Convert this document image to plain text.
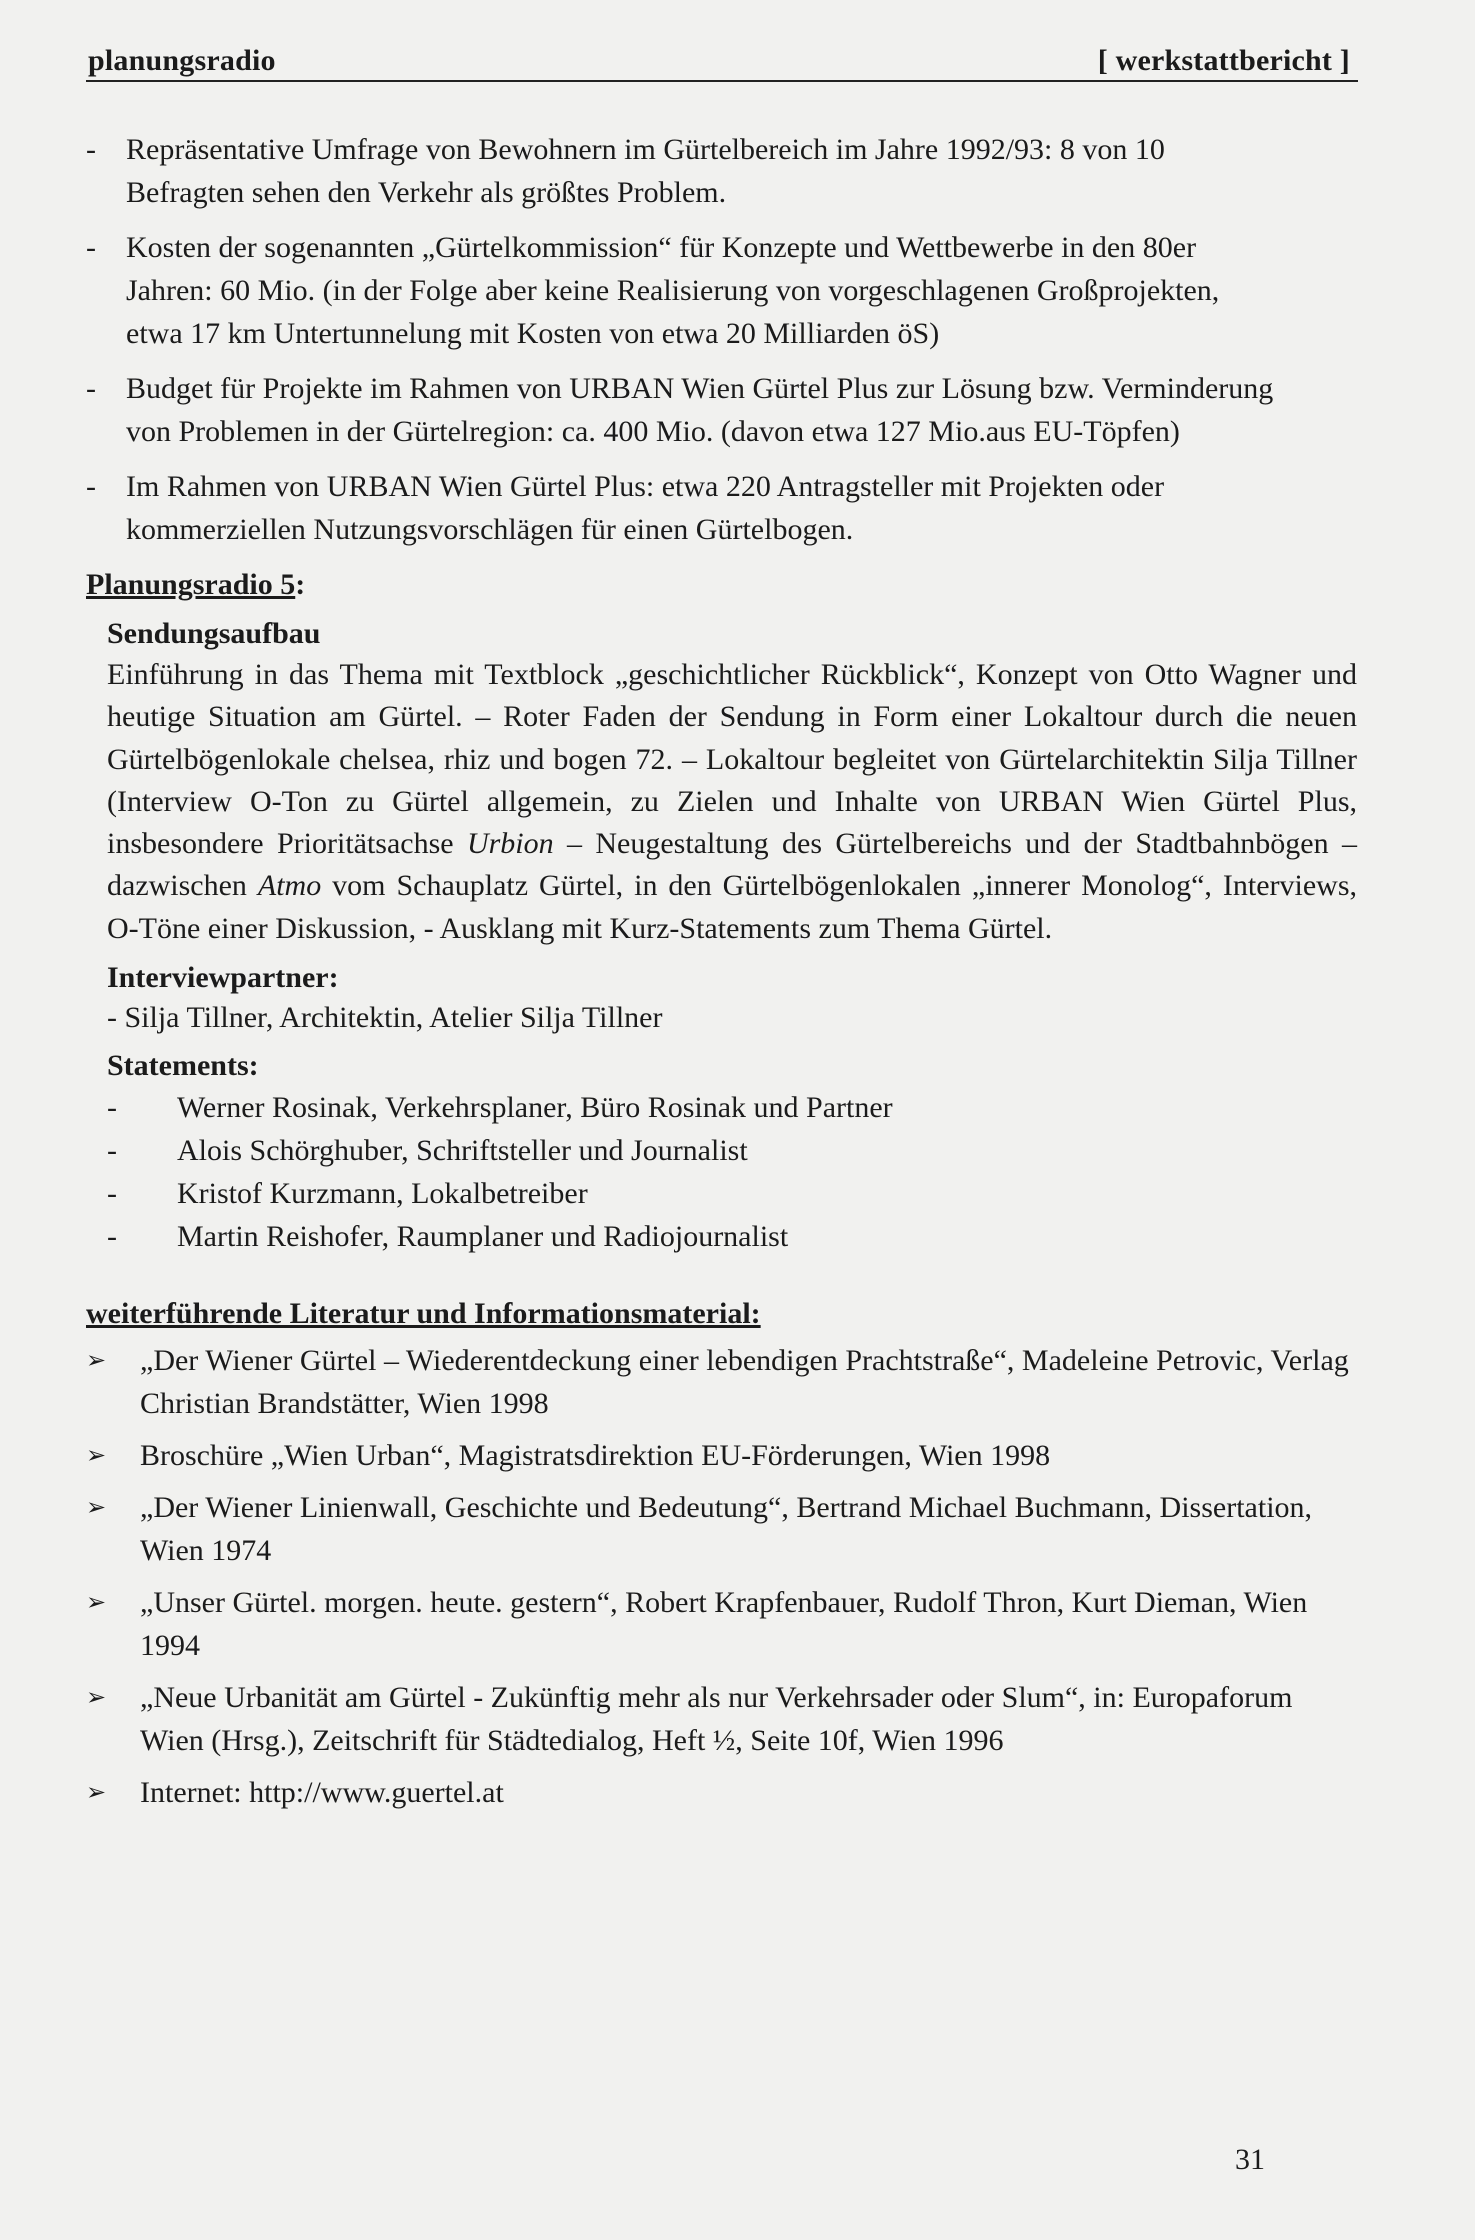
planungsradio	[ werkstattbericht ]
- Repräsentative Umfrage von Bewohnern im Gürtelbereich im Jahre 1992/93: 8 von 10 Befragten sehen den Verkehr als größtes Problem.
- Kosten der sogenannten „Gürtelkommission“ für Konzepte und Wettbewerbe in den 80er Jahren: 60 Mio. (in der Folge aber keine Realisierung von vorgeschlagenen Großprojekten, etwa 17 km Untertunnelung mit Kosten von etwa 20 Milliarden öS)
- Budget für Projekte im Rahmen von URBAN Wien Gürtel Plus zur Lösung bzw. Verminderung von Problemen in der Gürtelregion: ca. 400 Mio. (davon etwa 127 Mio.aus EU-Töpfen)
- Im Rahmen von URBAN Wien Gürtel Plus: etwa 220 Antragsteller mit Projekten oder kommerziellen Nutzungsvorschlägen für einen Gürtelbogen.
Planungsradio 5:
Sendungsaufbau
Einführung in das Thema mit Textblock „geschichtlicher Rückblick“, Konzept von Otto Wagner und heutige Situation am Gürtel. – Roter Faden der Sendung in Form einer Lokaltour durch die neuen Gürtelbögenlokale chelsea, rhiz und bogen 72. – Lokaltour begleitet von Gürtelarchitektin Silja Tillner (Interview O-Ton zu Gürtel allgemein, zu Zielen und Inhalte von URBAN Wien Gürtel Plus, insbesondere Prioritätsachse Urbion – Neugestaltung des Gürtelbereichs und der Stadtbahnbögen – dazwischen Atmo vom Schauplatz Gürtel, in den Gürtelbögenlokalen „innerer Monolog“, Interviews, O-Töne einer Diskussion, - Ausklang mit Kurz-Statements zum Thema Gürtel.
Interviewpartner:
- Silja Tillner, Architektin, Atelier Silja Tillner
Statements:
- Werner Rosinak, Verkehrsplaner, Büro Rosinak und Partner
- Alois Schörghuber, Schriftsteller und Journalist
- Kristof Kurzmann, Lokalbetreiber
- Martin Reishofer, Raumplaner und Radiojournalist
weiterführende Literatur und Informationsmaterial:
➢ „Der Wiener Gürtel – Wiederentdeckung einer lebendigen Prachtstraße“, Madeleine Petrovic, Verlag Christian Brandstätter, Wien 1998
➢ Broschüre „Wien Urban“, Magistratsdirektion EU-Förderungen, Wien 1998
➢ „Der Wiener Linienwall, Geschichte und Bedeutung“, Bertrand Michael Buchmann, Dissertation, Wien 1974
➢ „Unser Gürtel. morgen. heute. gestern“, Robert Krapfenbauer, Rudolf Thron, Kurt Dieman, Wien 1994
➢ „Neue Urbanität am Gürtel - Zukünftig mehr als nur Verkehrsader oder Slum“, in: Europaforum Wien (Hrsg.), Zeitschrift für Städtedialog, Heft ½, Seite 10f, Wien 1996
➢ Internet: http://www.guertel.at
31
